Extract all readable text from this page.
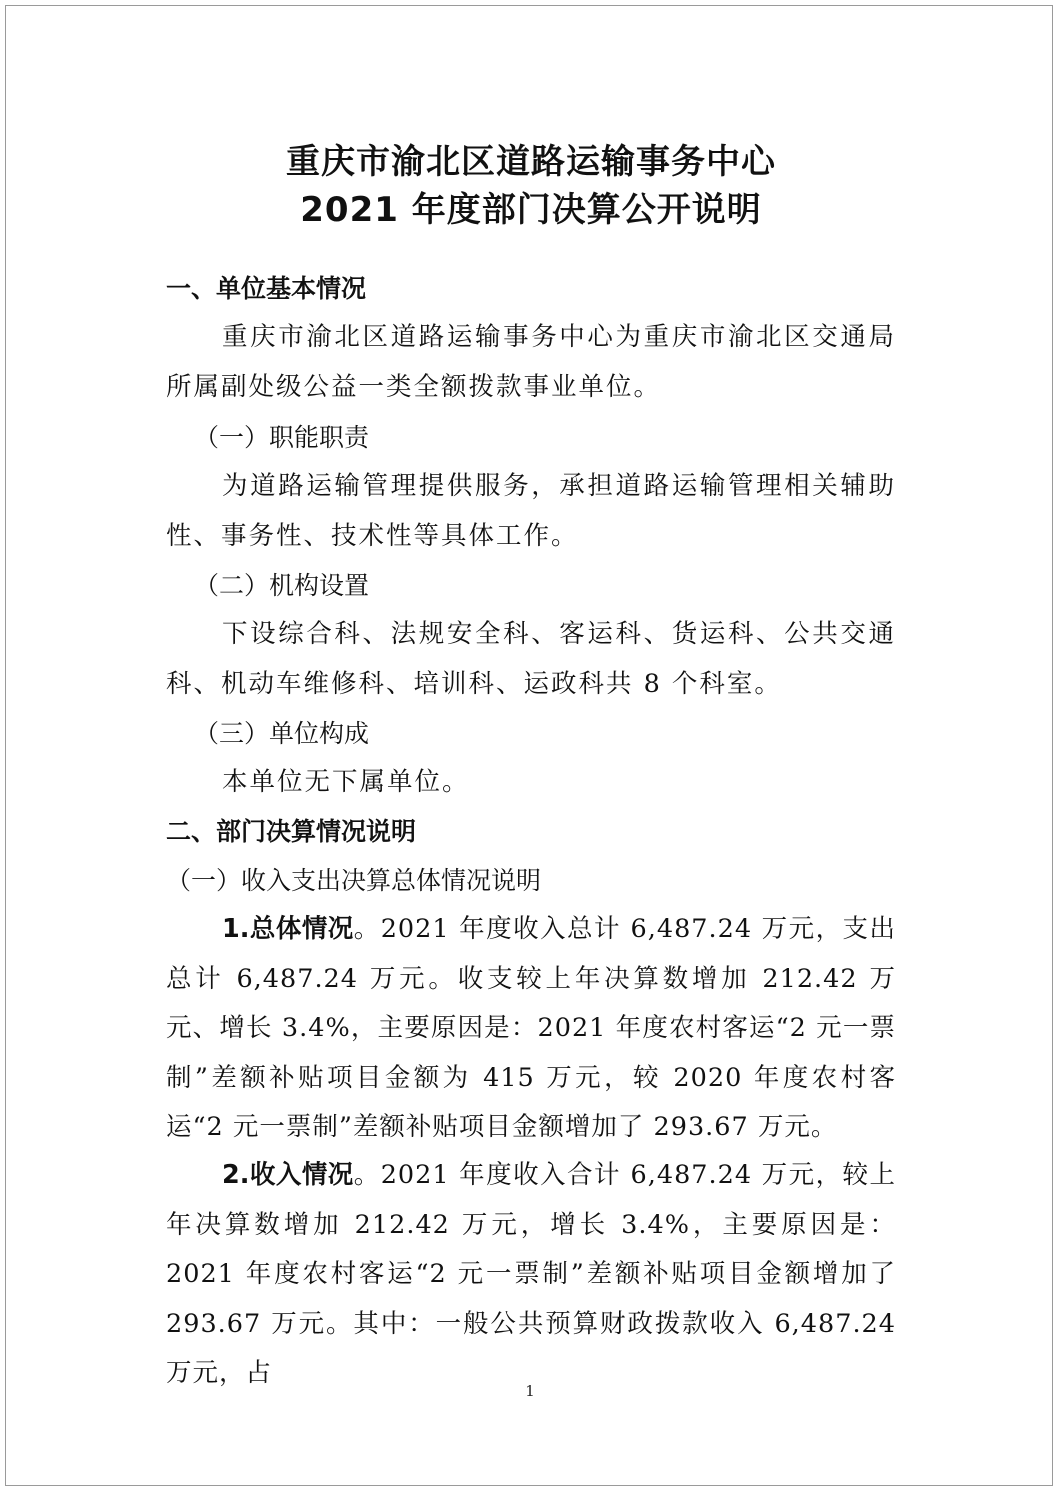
重庆市渝北区道路运输事务中心
2021 年度部门决算公开说明
一、单位基本情况

重庆市渝北区道路运输事务中心为重庆市渝北区交通局所属副处级公益一类全额拨款事业单位。

（一）职能职责

为道路运输管理提供服务，承担道路运输管理相关辅助性、事务性、技术性等具体工作。

（二）机构设置

下设综合科、法规安全科、客运科、货运科、公共交通科、机动车维修科、培训科、运政科共 8 个科室。

（三）单位构成

本单位无下属单位。

二、部门决算情况说明
（一）收入支出决算总体情况说明

1.总体情况。2021 年度收入总计 6,487.24 万元，支出总计 6,487.24 万元。收支较上年决算数增加 212.42 万元、增长 3.4%，主要原因是：2021 年度农村客运“2 元一票制”差额补贴项目金额为 415 万元，较 2020 年度农村客运“2 元一票制”差额补贴项目金额增加了 293.67 万元。

2.收入情况。2021 年度收入合计 6,487.24 万元，较上年决算数增加 212.42 万元，增长 3.4%，主要原因是：2021 年度农村客运“2 元一票制”差额补贴项目金额增加了 293.67 万元。其中：一般公共预算财政拨款收入 6,487.24 万元，占

1
